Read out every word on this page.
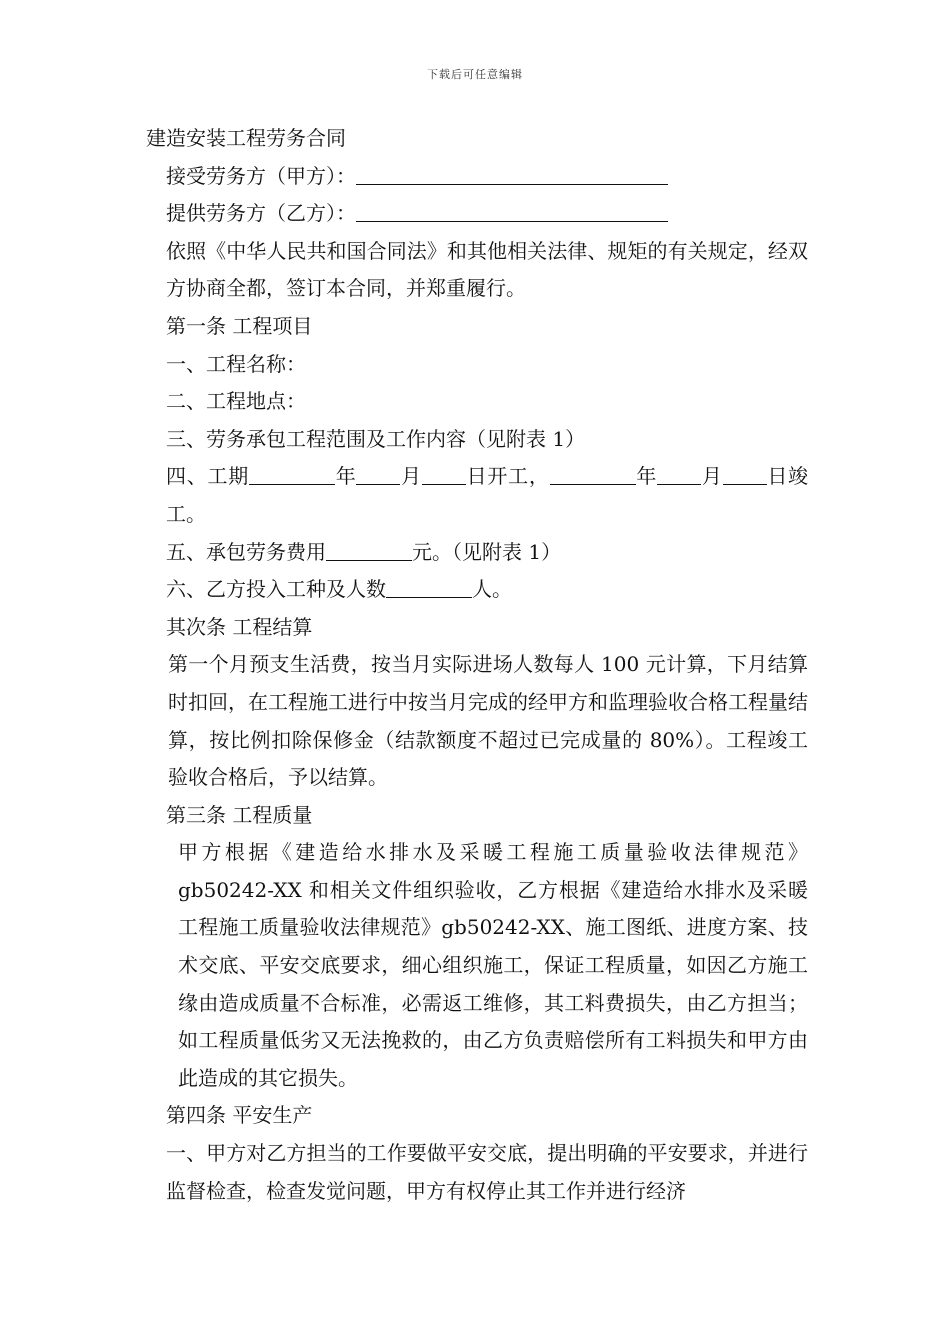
下载后可任意编辑

建造安装工程劳务合同

接受劳务方（甲方）：

提供劳务方（乙方）：

依照《中华人民共和国合同法》和其他相关法律、规矩的有关规定，经双方协商全都，签订本合同，并郑重履行。

第一条 工程项目

一、工程名称：

二、工程地点：

三、劳务承包工程范围及工作内容（见附表 1）

四、工期	年 月 日开工，	年 月 日竣工。

五、承包劳务费用	元。（见附表 1）

六、乙方投入工种及人数	人。

其次条 工程结算

第一个月预支生活费，按当月实际进场人数每人 100 元计算，下月结算时扣回，在工程施工进行中按当月完成的经甲方和监理验收合格工程量结算，按比例扣除保修金（结款额度不超过已完成量的 80%）。工程竣工验收合格后，予以结算。

第三条 工程质量

甲方根据《建造给水排水及采暖工程施工质量验收法律规范》gb50242-XX 和相关文件组织验收，乙方根据《建造给水排水及采暖工程施工质量验收法律规范》gb50242-XX、施工图纸、进度方案、技术交底、平安交底要求，细心组织施工，保证工程质量，如因乙方施工缘由造成质量不合标准，必需返工维修，其工料费损失，由乙方担当；如工程质量低劣又无法挽救的，由乙方负责赔偿所有工料损失和甲方由此造成的其它损失。

第四条 平安生产

一、甲方对乙方担当的工作要做平安交底，提出明确的平安要求，并进行监督检查，检查发觉问题，甲方有权停止其工作并进行经济
